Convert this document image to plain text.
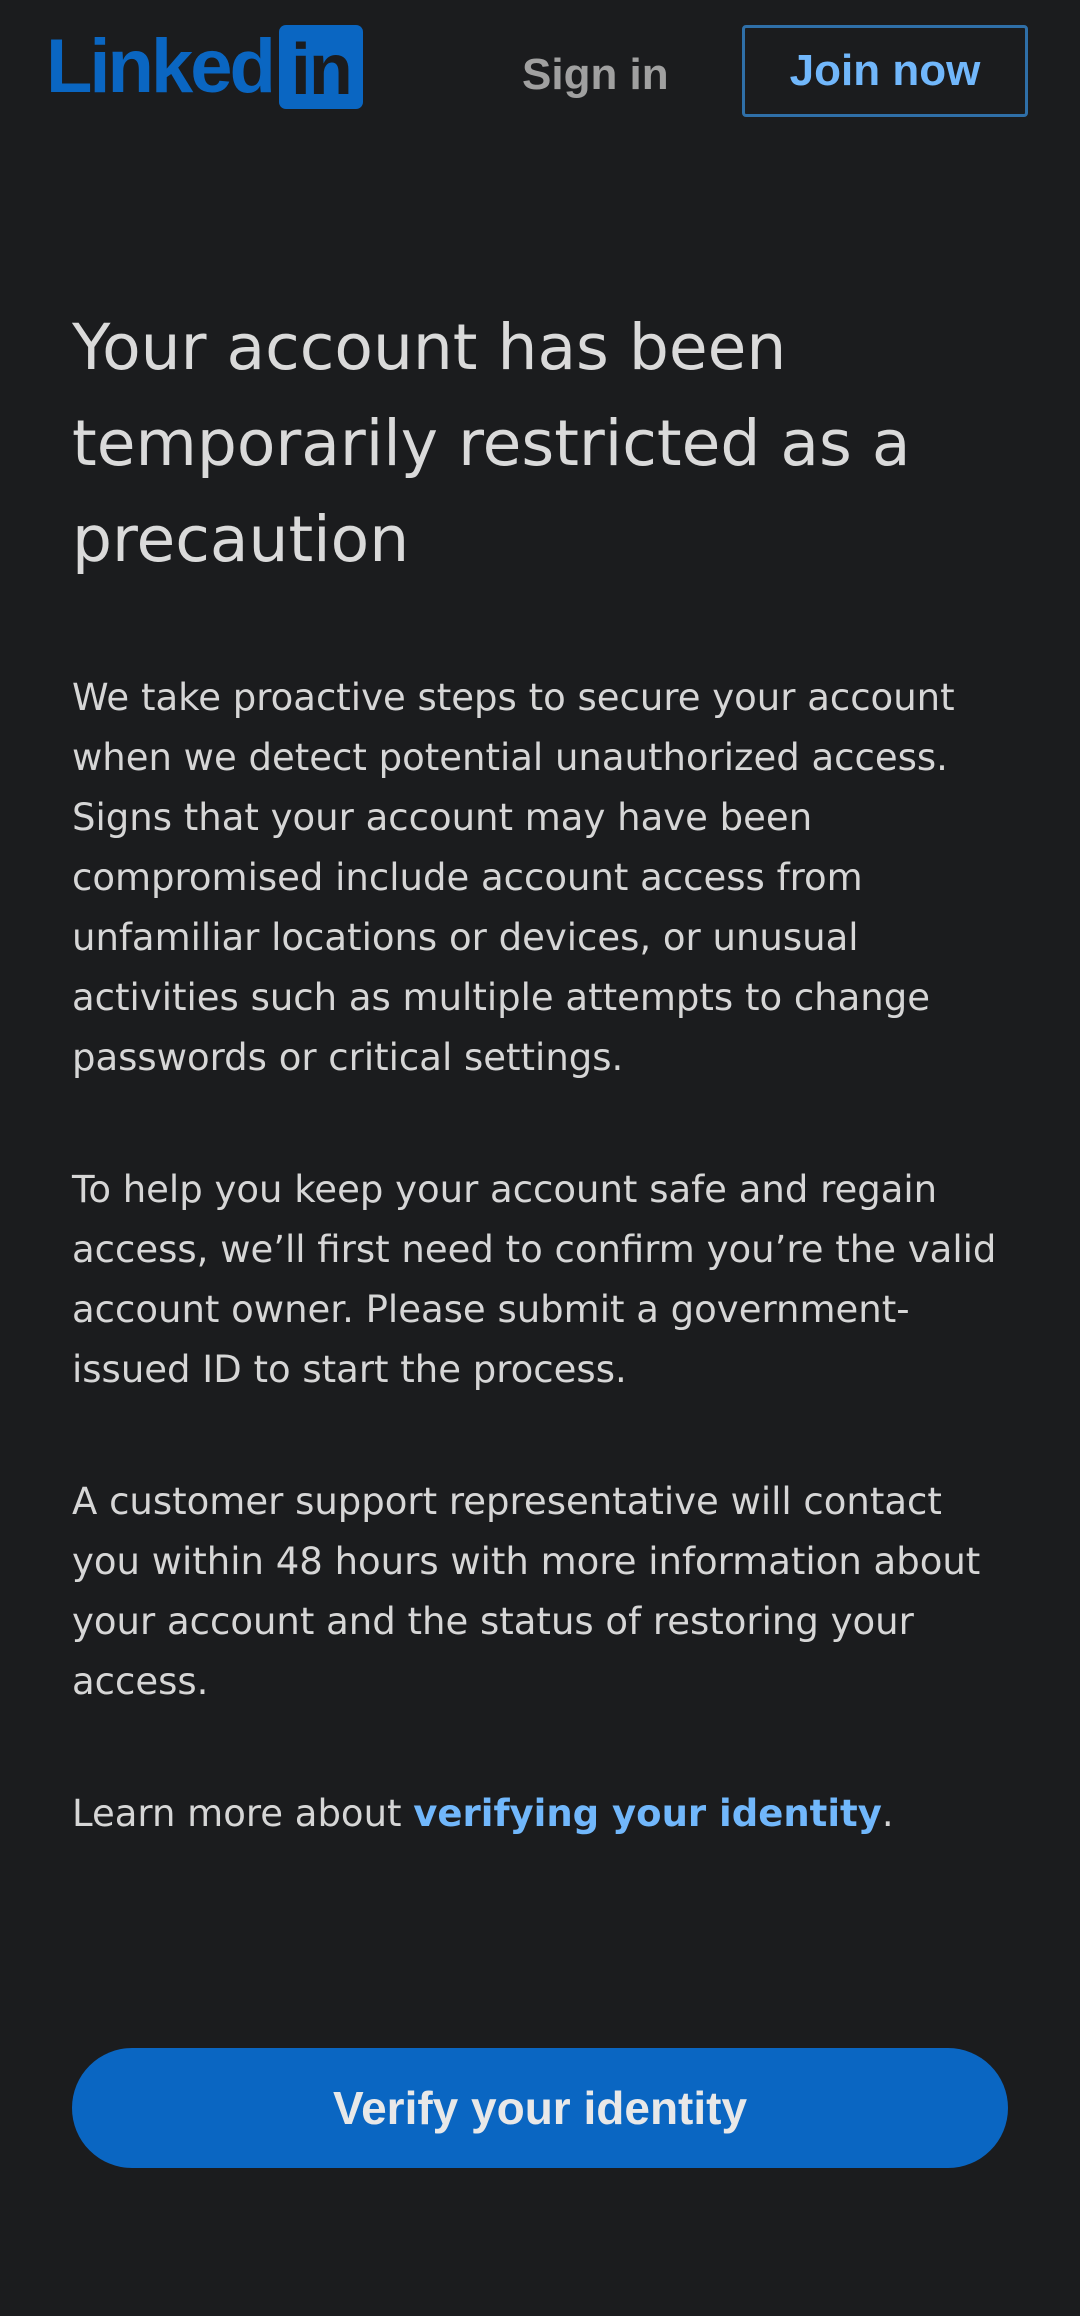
Linked in	Sign in	Join now
Your account has been temporarily restricted as a precaution

We take proactive steps to secure your account when we detect potential unauthorized access. Signs that your account may have been compromised include account access from unfamiliar locations or devices, or unusual activities such as multiple attempts to change passwords or critical settings.

To help you keep your account safe and regain access, we’ll first need to confirm you’re the valid account owner. Please submit a government-issued ID to start the process.

A customer support representative will contact you within 48 hours with more information about your account and the status of restoring your access.

Learn more about verifying your identity.

Verify your identity
